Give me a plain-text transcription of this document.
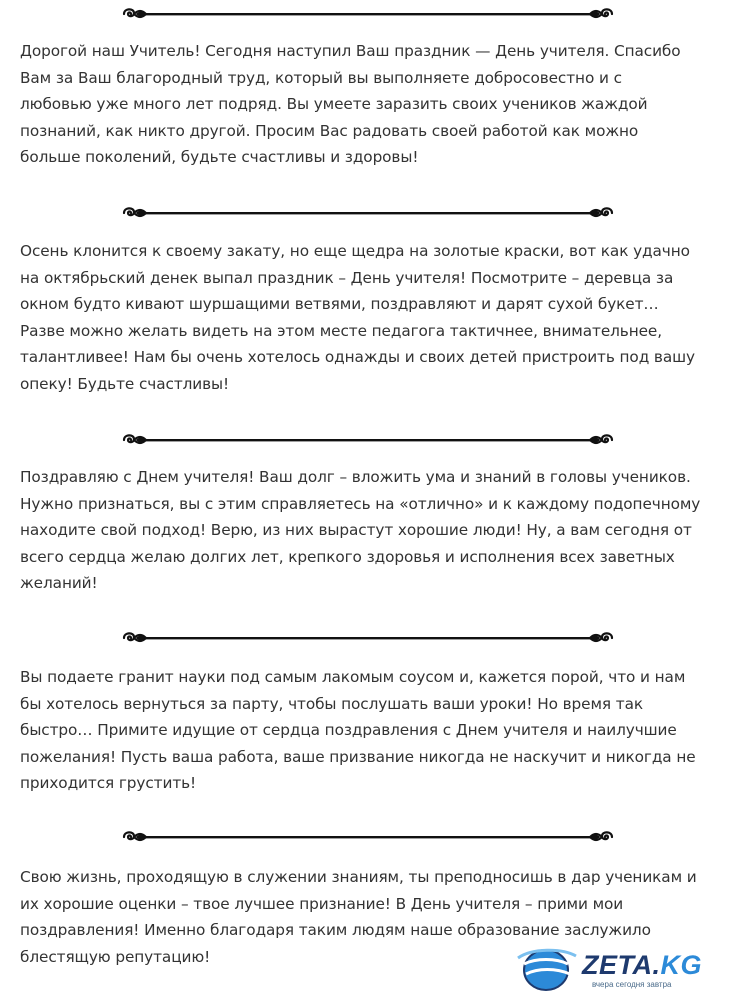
Дорогой наш Учитель! Сегодня наступил Ваш праздник — День учителя. Спасибо
Вам за Ваш благородный труд, который вы выполняете добросовестно и с
любовью уже много лет подряд. Вы умеете заразить своих учеников жаждой
познаний, как никто другой. Просим Вас радовать своей работой как можно
больше поколений, будьте счастливы и здоровы!

Осень клонится к своему закату, но еще щедра на золотые краски, вот как удачно
на октябрьский денек выпал праздник – День учителя! Посмотрите – деревца за
окном будто кивают шуршащими ветвями, поздравляют и дарят сухой букет…
Разве можно желать видеть на этом месте педагога тактичнее, внимательнее,
талантливее! Нам бы очень хотелось однажды и своих детей пристроить под вашу
опеку! Будьте счастливы!

Поздравляю с Днем учителя! Ваш долг – вложить ума и знаний в головы учеников.
Нужно признаться, вы с этим справляетесь на «отлично» и к каждому подопечному
находите свой подход! Верю, из них вырастут хорошие люди! Ну, а вам сегодня от
всего сердца желаю долгих лет, крепкого здоровья и исполнения всех заветных
желаний!

Вы подаете гранит науки под самым лакомым соусом и, кажется порой, что и нам
бы хотелось вернуться за парту, чтобы послушать ваши уроки! Но время так
быстро… Примите идущие от сердца поздравления с Днем учителя и наилучшие
пожелания! Пусть ваша работа, ваше призвание никогда не наскучит и никогда не
приходится грустить!

Свою жизнь, проходящую в служении знаниям, ты преподносишь в дар ученикам и
их хорошие оценки – твое лучшее признание! В День учителя – прими мои
поздравления! Именно благодаря таким людям наше образование заслужило
блестящую репутацию!	ZETA.KG
вчера сегодня завтра
